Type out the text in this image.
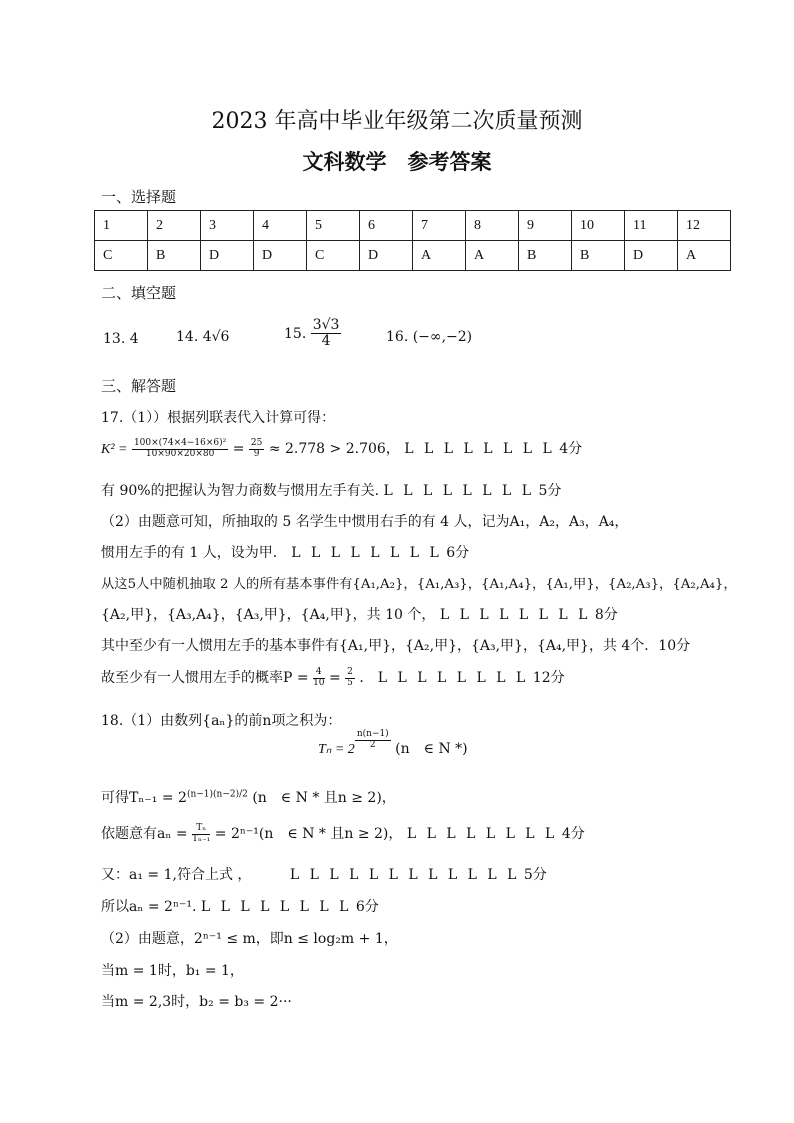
2023 年高中毕业年级第二次质量预测
文科数学　参考答案
一、选择题
1	2	3	4	5	6	7	8	9	10	11	12
C	B	D	D	C	D	A	A	B	B	D	A
二、填空题
13. 4	14. 4√6	15. $\frac{3√3}{4}$	16. (−∞,−2)
三、解答题
17.（1））根据列联表代入计算可得：
$K^2 = \frac{\text{100×(74×4−16×6)²}}{10\times 90\times 20\times 80} = \frac{25}{9} \approx 2.778 > 2.706$， L L L L L L L L 4分
有 90%的把握认为智力商数与惯用左手有关. L L L L L L L L 5分
（2）由题意可知，所抽取的 5 名学生中惯用右手的有 4 人，记为A₁，A₂，A₃，A₄，
惯用左手的有 1 人，设为甲． L L L L L L L L 6分
从这5人中随机抽取 2 人的所有基本事件有{A₁,A₂}，{A₁,A₃}，{A₁,A₄}，{A₁,甲}，{A₂,A₃}，{A₂,A₄}，
{A₂,甲}，{A₃,A₄}，{A₃,甲}，{A₄,甲}，共 10 个， L L L L L L L L 8分
其中至少有一人惯用左手的基本事件有{A₁,甲}，{A₂,甲}，{A₃,甲}，{A₄,甲}，共 4个．10分
故至少有一人惯用左手的概率$P = \frac{4}{10} = \frac{2}{5}$ ． L L L L L L L L 12分
18.（1）由数列{aₙ}的前n项之积为：
$T_n = 2 \frac{n(n-1)}{2} (n$　∈ N *)
可得$T_{n-1} = 2^{(n-1)(n-2)/2}$ (n　∈ N * 且n ≥ 2)，
依题意有$a_n = \frac{\text{Tₙ}}{\text{Tₙ₋₁}} = 2^{n-1}(n$　∈ N * 且n ≥ 2)， L L L L L L L L 4分
又：a₁ = 1,符合上式 ，	L L L L L L L L L L L L 5分
所以aₙ = 2ⁿ⁻¹. L L L L L L L L 6分
（2）由题意，2ⁿ⁻¹ ≤ m，即n ≤ log₂m + 1，
当m = 1时，b₁ = 1，
当m = 2,3时，b₂ = b₃ = 2···
